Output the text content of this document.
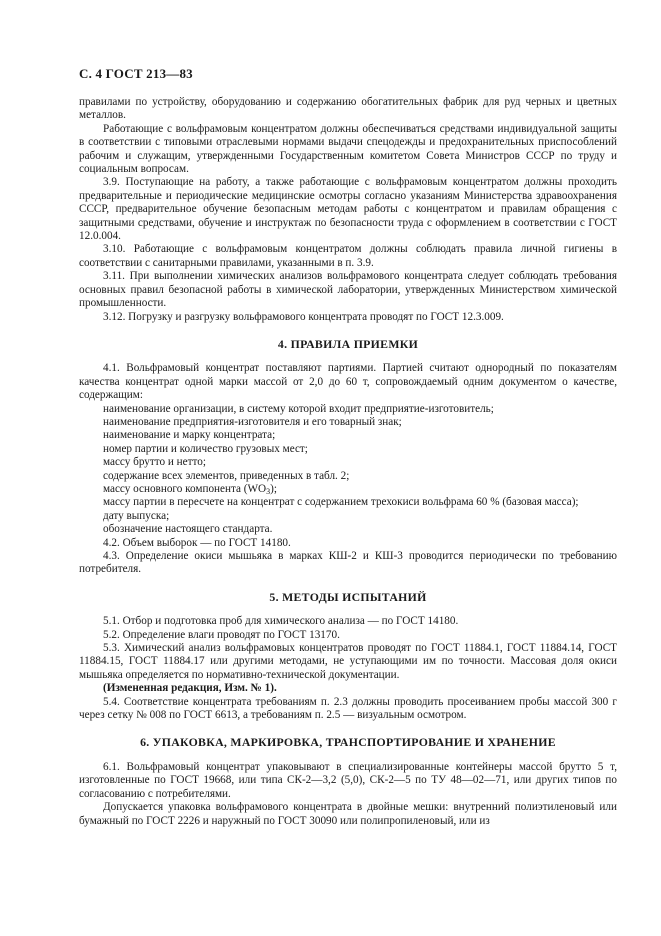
С. 4 ГОСТ 213—83

правилами по устройству, оборудованию и содержанию обогатительных фабрик для руд черных и цветных металлов.

Работающие с вольфрамовым концентратом должны обеспечиваться средствами индивидуальной защиты в соответствии с типовыми отраслевыми нормами выдачи спецодежды и предохранительных приспособлений рабочим и служащим, утвержденными Государственным комитетом Совета Министров СССР по труду и социальным вопросам.

3.9. Поступающие на работу, а также работающие с вольфрамовым концентратом должны проходить предварительные и периодические медицинские осмотры согласно указаниям Министерства здравоохранения СССР, предварительное обучение безопасным методам работы с концентратом и правилам обращения с защитными средствами, обучение и инструктаж по безопасности труда с оформлением в соответствии с ГОСТ 12.0.004.

3.10. Работающие с вольфрамовым концентратом должны соблюдать правила личной гигиены в соответствии с санитарными правилами, указанными в п. 3.9.

3.11. При выполнении химических анализов вольфрамового концентрата следует соблюдать требования основных правил безопасной работы в химической лаборатории, утвержденных Министерством химической промышленности.

3.12. Погрузку и разгрузку вольфрамового концентрата проводят по ГОСТ 12.3.009.

4. ПРАВИЛА ПРИЕМКИ

4.1. Вольфрамовый концентрат поставляют партиями. Партией считают однородный по показателям качества концентрат одной марки массой от 2,0 до 60 т, сопровождаемый одним документом о качестве, содержащим:

наименование организации, в систему которой входит предприятие-изготовитель;

наименование предприятия-изготовителя и его товарный знак;

наименование и марку концентрата;

номер партии и количество грузовых мест;

массу брутто и нетто;

содержание всех элементов, приведенных в табл. 2;

массу основного компонента $(WO_3)$;

массу партии в пересчете на концентрат с содержанием трехокиси вольфрама 60 % (базовая масса);

дату выпуска;

обозначение настоящего стандарта.

4.2. Объем выборок — по ГОСТ 14180.

4.3. Определение окиси мышьяка в марках КШ-2 и КШ-3 проводится периодически по требованию потребителя.

5. МЕТОДЫ ИСПЫТАНИЙ

5.1. Отбор и подготовка проб для химического анализа — по ГОСТ 14180.

5.2. Определение влаги проводят по ГОСТ 13170.

5.3. Химический анализ вольфрамовых концентратов проводят по ГОСТ 11884.1, ГОСТ 11884.14, ГОСТ 11884.15, ГОСТ 11884.17 или другими методами, не уступающими им по точности. Массовая доля окиси мышьяка определяется по нормативно-технической документации.

(Измененная редакция, Изм. № 1).

5.4. Соответствие концентрата требованиям п. 2.3 должны проводить просеиванием пробы массой 300 г через сетку № 008 по ГОСТ 6613, а требованиям п. 2.5 — визуальным осмотром.

6. УПАКОВКА, МАРКИРОВКА, ТРАНСПОРТИРОВАНИЕ И ХРАНЕНИЕ

6.1. Вольфрамовый концентрат упаковывают в специализированные контейнеры массой брутто 5 т, изготовленные по ГОСТ 19668, или типа СК-2—3,2 (5,0), СК-2—5 по ТУ 48—02—71, или других типов по согласованию с потребителями.

Допускается упаковка вольфрамового концентрата в двойные мешки: внутренний полиэтиленовый или бумажный по ГОСТ 2226 и наружный по ГОСТ 30090 или полипропиленовый, или из
